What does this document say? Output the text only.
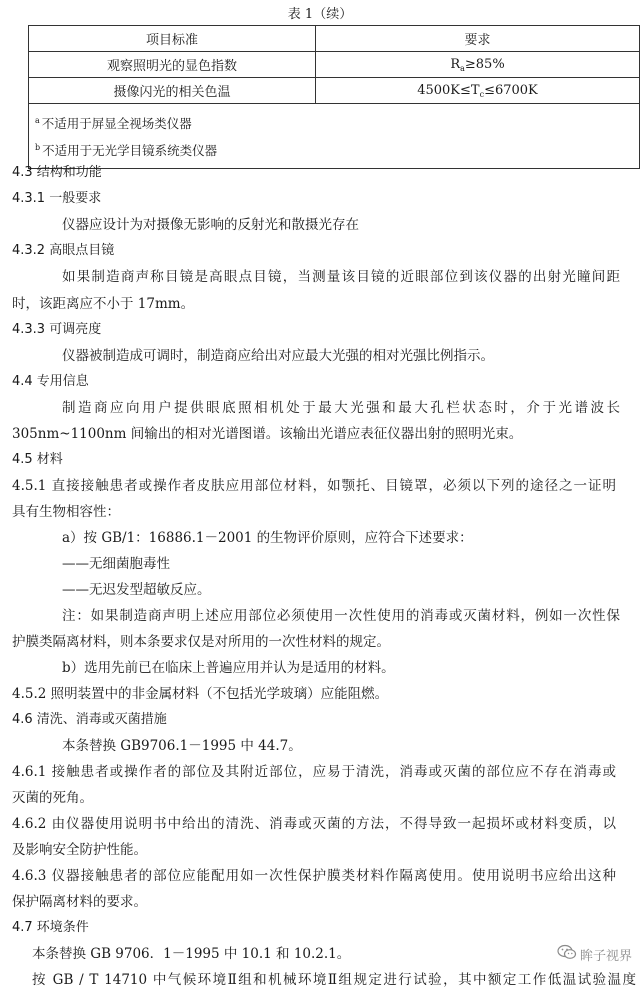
表 1（续）
项目标准	要求
观察照明光的显色指数	$R_a\ge 85\%$
摄像闪光的相关色温	$4500K\le T_c\le 6700K$

$^a$ 不适用于屏显全视场类仪器
$^b$ 不适用于无光学目镜系统类仪器	
4.3 结构和功能
4.3.1 一般要求
仪器应设计为对摄像无影响的反射光和散摄光存在
4.3.2 高眼点目镜
如果制造商声称目镜是高眼点目镜，当测量该目镜的近眼部位到该仪器的出射光瞳间距
时，该距离应不小于 17mm。
4.3.3 可调亮度
仪器被制造成可调时，制造商应给出对应最大光强的相对光强比例指示。
4.4 专用信息
制造商应向用户提供眼底照相机处于最大光强和最大孔栏状态时，介于光谱波长
305nm~1100nm 间输出的相对光谱图谱。该输出光谱应表征仪器出射的照明光束。
4.5 材料
4.5.1 直接接触患者或操作者皮肤应用部位材料，如颚托、目镜罩，必须以下列的途径之一证明
具有生物相容性：
a）按 GB/1：16886.1－2001 的生物评价原则，应符合下述要求：
——无细菌胞毒性
——无迟发型超敏反应。
注：如果制造商声明上述应用部位必须使用一次性使用的消毒或灭菌材料，例如一次性保
护膜类隔离材料，则本条要求仅是对所用的一次性材料的规定。
b）选用先前已在临床上普遍应用并认为是适用的材料。
4.5.2 照明装置中的非金属材料（不包括光学玻璃）应能阻燃。
4.6 清洗、消毒或灭菌措施
本条替换 GB9706.1－1995 中 44.7。
4.6.1 接触患者或操作者的部位及其附近部位，应易于清洗，消毒或灭菌的部位应不存在消毒或
灭菌的死角。
4.6.2 由仪器使用说明书中给出的清洗、消毒或灭菌的方法，不得导致一起损坏或材料变质，以
及影响安全防护性能。
4.6.3 仪器接触患者的部位应能配用如一次性保护膜类材料作隔离使用。使用说明书应给出这种
保护隔离材料的要求。
4.7 环境条件
本条替换 GB 9706．1－1995 中 10.1 和 10.2.1。
按 GB / T 14710 中气候环境Ⅱ组和机械环境Ⅱ组规定进行试验，其中额定工作低温试验温度
眸子视界
